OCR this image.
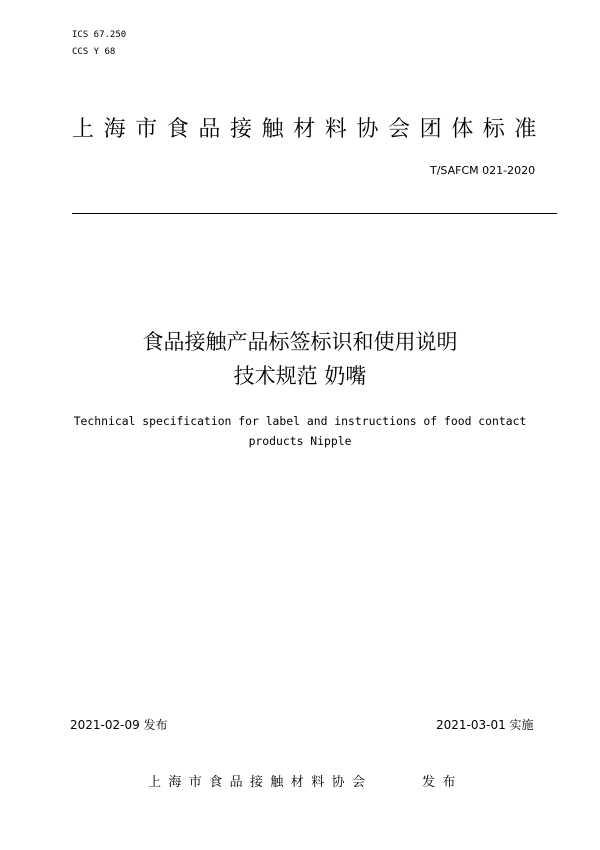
ICS 67.250
CCS Y 68
上海市食品接触材料协会团体标准
T/SAFCM 021-2020
食品接触产品标签标识和使用说明
技术规范 奶嘴
Technical specification for label and instructions of food contact
products Nipple
2021-02-09 发布	2021-03-01 实施
上海市食品接触材料协会	发布
